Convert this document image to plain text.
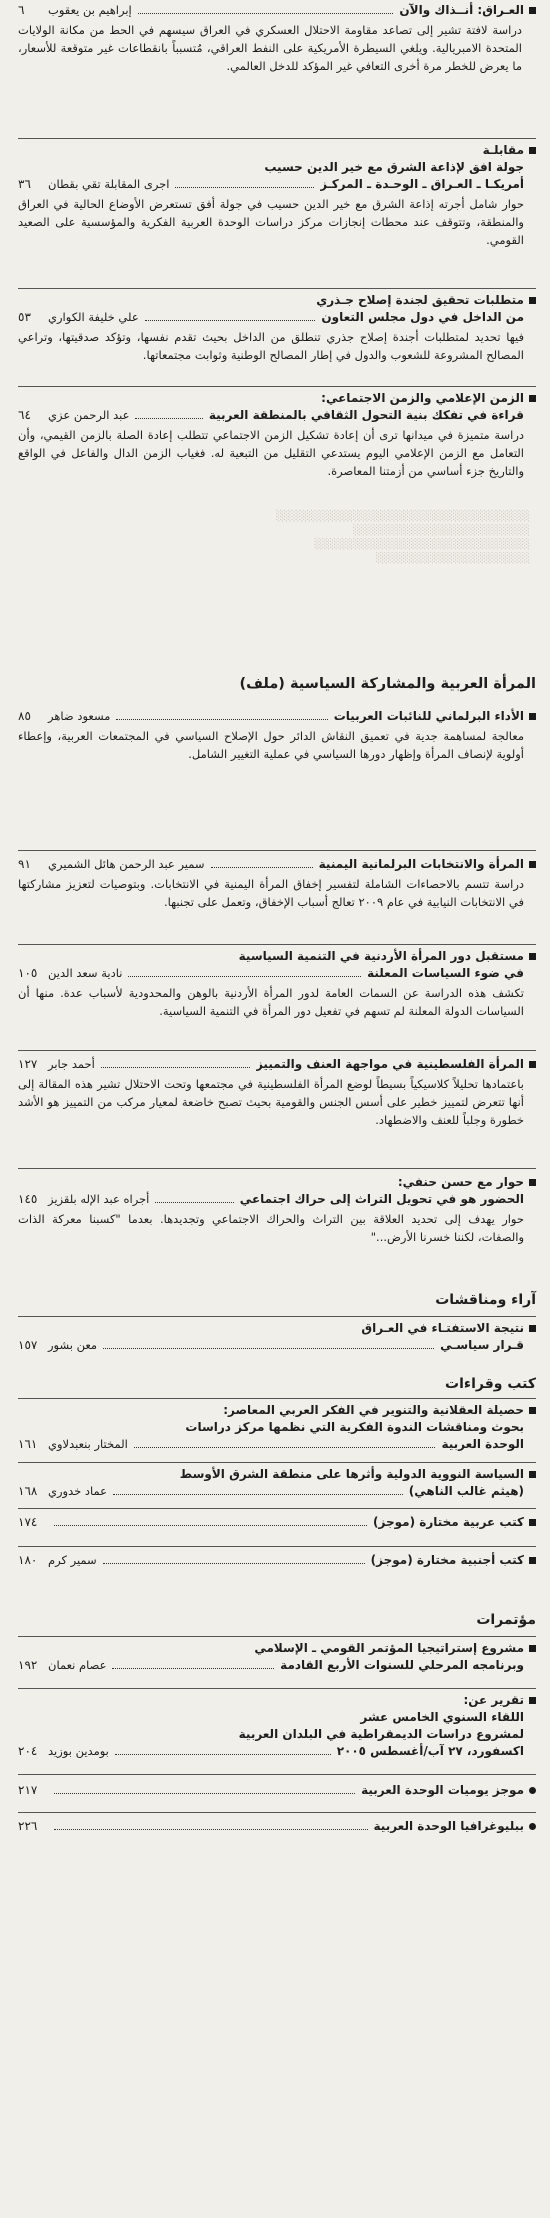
العـراق: أنــذاك والآن
إبراهيم بن يعقوب
٦

دراسة لافتة تشير إلى تصاعد مقاومة الاحتلال العسكري في العراق سيسهم في الحط من مكانة الولايات المتحدة الامبريالية. ويلغي السيطرة الأمريكية على النفط العراقي، مُتسبباً بانقطاعات غير متوقعة للأسعار، ما يعرض للخطر مرة أخرى التعافي غير المؤكد للدخل العالمي.

مقابلـة
جولة افق لإذاعة الشرق مع خير الدين حسيب
أمريكـا ـ العـراق ـ الوحـدة ـ المركـز
اجرى المقابلة تقي بقطان
٣٦

حوار شامل أجرته إذاعة الشرق مع خير الدين حسيب في جولة أفق تستعرض الأوضاع الحالية في العراق والمنطقة، وتتوقف عند محطات إنجازات مركز دراسات الوحدة العربية الفكرية والمؤسسية على الصعيد القومي.

متطلبات تحقيق لجندة إصلاح جـذري
من الداخل في دول مجلس التعاون
علي خليفة الكواري
٥٣

فيها تحديد لمتطلبات أجندة إصلاح جذري تنطلق من الداخل بحيث تقدم نفسها، وتؤكد صدقيتها، وتراعي المصالح المشروعة للشعوب والدول في إطار المصالح الوطنية وثوابت مجتمعاتها.

الزمن الإعلامي والزمن الاجتماعي:
قراءة في تفكك بنية التحول الثقافي بالمنطقة العربية
عبد الرحمن عزي
٦٤

دراسة متميزة في ميدانها ترى أن إعادة تشكيل الزمن الاجتماعي تتطلب إعادة الصلة بالزمن القيمي، وأن التعامل مع الزمن الإعلامي اليوم يستدعي التقليل من التبعية له. فغياب الزمن الدال والفاعل في الواقع والتاريخ جزء أساسي من أزمتنا المعاصرة.

░░░░░░░░░░░░░░░░░░░░░░░░░░░░░░░░░
░░░░░░░░░░░░░░░░░░░░░░░
░░░░░░░░░░░░░░░░░░░░░░░░░░░░
░░░░░░░░░░░░░░░░░░░░
المرأة العربية والمشاركة السياسية (ملف)
الأداء البرلماني للنائبات العربيات
مسعود ضاهر
٨٥

معالجة لمساهمة جدية في تعميق النقاش الدائر حول الإصلاح السياسي في المجتمعات العربية، وإعطاء أولوية لإنصاف المرأة وإظهار دورها السياسي في عملية التغيير الشامل.

المرأة والانتخابات البرلمانية اليمنية
سمير عبد الرحمن هائل الشميري
٩١

دراسة تتسم بالاحصاءات الشاملة لتفسير إخفاق المرأة اليمنية في الانتخابات. وبتوصيات لتعزيز مشاركتها في الانتخابات النيابية في عام ٢٠٠٩ تعالج أسباب الإخفاق، وتعمل على تجنبها.

مستقبل دور المرأة الأردنية في التنمية السياسية
في ضوء السياسات المعلنة
نادية سعد الدين
١٠٥

تكشف هذه الدراسة عن السمات العامة لدور المرأة الأردنية بالوهن والمحدودية لأسباب عدة. منها أن السياسات الدولة المعلنة لم تسهم في تفعيل دور المرأة في التنمية السياسية.

المرأة الفلسطينية في مواجهة العنف والتمييز
أحمد جابر
١٢٧

باعتمادها تحليلاً كلاسيكياً بسيطاً لوضع المرأة الفلسطينية في مجتمعها وتحت الاحتلال تشير هذه المقالة إلى أنها تتعرض لتمييز خطير على أسس الجنس والقومية بحيث تصبح خاضعة لمعيار مركب من التمييز هو الأشد خطورة وجلباً للعنف والاضطهاد.

حوار مع حسن حنفي:
الحضور هو في تحويل التراث إلى حراك اجتماعي
أجراه عبد الإله بلقزيز
١٤٥

حوار يهدف إلى تحديد العلاقة بين التراث والحراك الاجتماعي وتجديدها. بعدما "كسبنا معركة الذات والصفات، لكننا خسرنا الأرض..."

آراء ومناقشات
نتيجة الاستفتـاء في العـراق
قـرار سياسـي
معن بشور
١٥٧
كتب وقراءات
حصيلة العقلانية والتنوير في الفكر العربي المعاصر:
بحوث ومناقشات الندوة الفكرية التي نظمها مركز دراسات
الوحدة العربية
المختار بنعبدلاوي
١٦١
السياسة النووية الدولية وأثرها على منطقة الشرق الأوسط
(هيثم غالب الناهي)
عماد خدوري
١٦٨
كتب عربية مختارة (موجز)
١٧٤
كتب أجنبية مختارة (موجز)
سمير كرم
١٨٠
مؤتمرات
مشروع إستراتيجيا المؤتمر القومي ـ الإسلامي
وبرنامجه المرحلي للسنوات الأربع القادمة
عصام نعمان
١٩٢
تقرير عن:
اللقاء السنوي الخامس عشر
لمشروع دراسات الديمقراطية في البلدان العربية
اكسفورد، ٢٧ آب/أغسطس ٢٠٠٥
بومدين بوزيد
٢٠٤
موجز يوميات الوحدة العربية
٢١٧
ببليوغرافيا الوحدة العربية
٢٢٦
